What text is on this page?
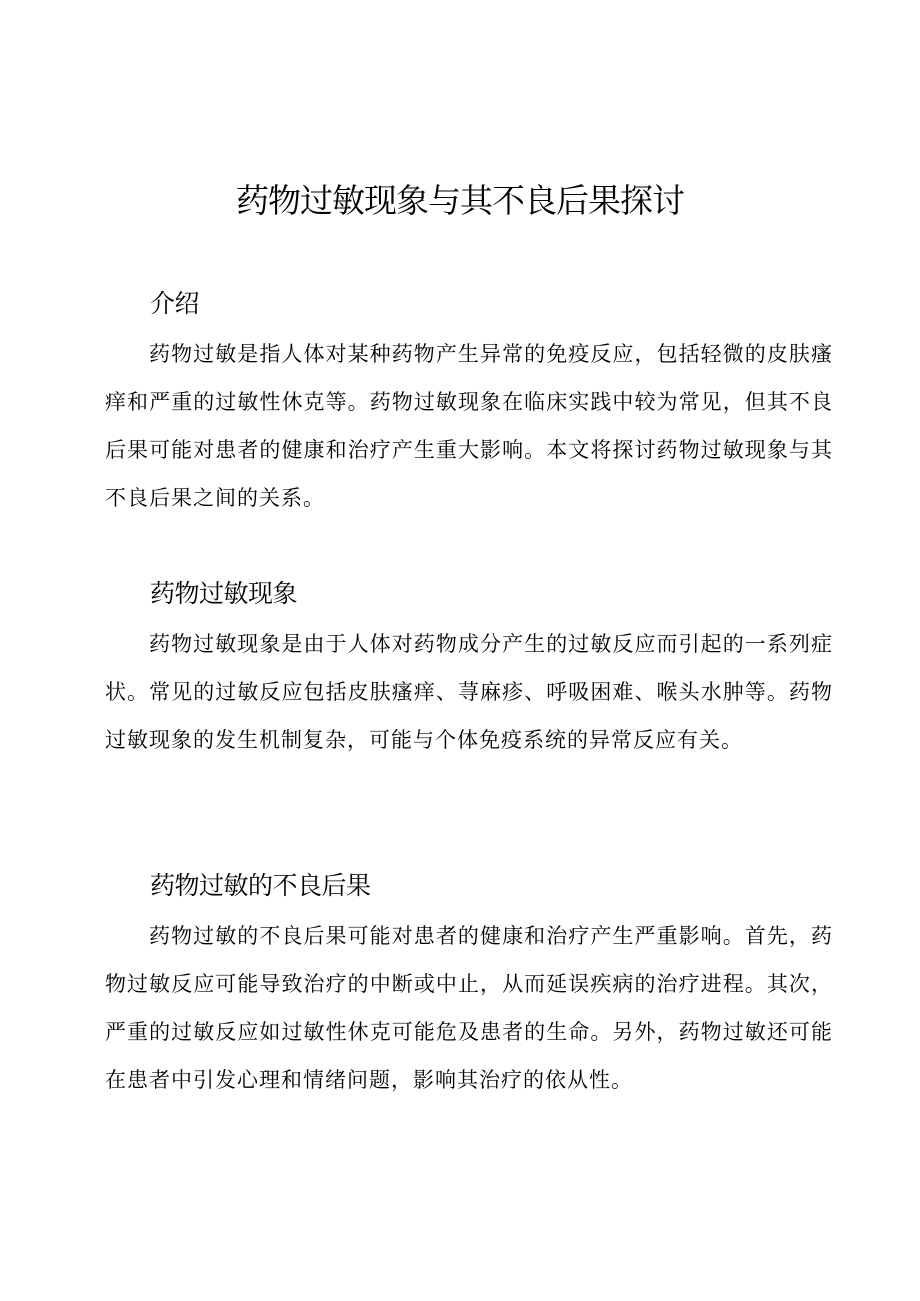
药物过敏现象与其不良后果探讨
介绍

药物过敏是指人体对某种药物产生异常的免疫反应，包括轻微的皮肤瘙痒和严重的过敏性休克等。药物过敏现象在临床实践中较为常见，但其不良后果可能对患者的健康和治疗产生重大影响。本文将探讨药物过敏现象与其不良后果之间的关系。

药物过敏现象

药物过敏现象是由于人体对药物成分产生的过敏反应而引起的一系列症状。常见的过敏反应包括皮肤瘙痒、荨麻疹、呼吸困难、喉头水肿等。药物过敏现象的发生机制复杂，可能与个体免疫系统的异常反应有关。

药物过敏的不良后果

药物过敏的不良后果可能对患者的健康和治疗产生严重影响。首先，药物过敏反应可能导致治疗的中断或中止，从而延误疾病的治疗进程。其次，严重的过敏反应如过敏性休克可能危及患者的生命。另外，药物过敏还可能在患者中引发心理和情绪问题，影响其治疗的依从性。
